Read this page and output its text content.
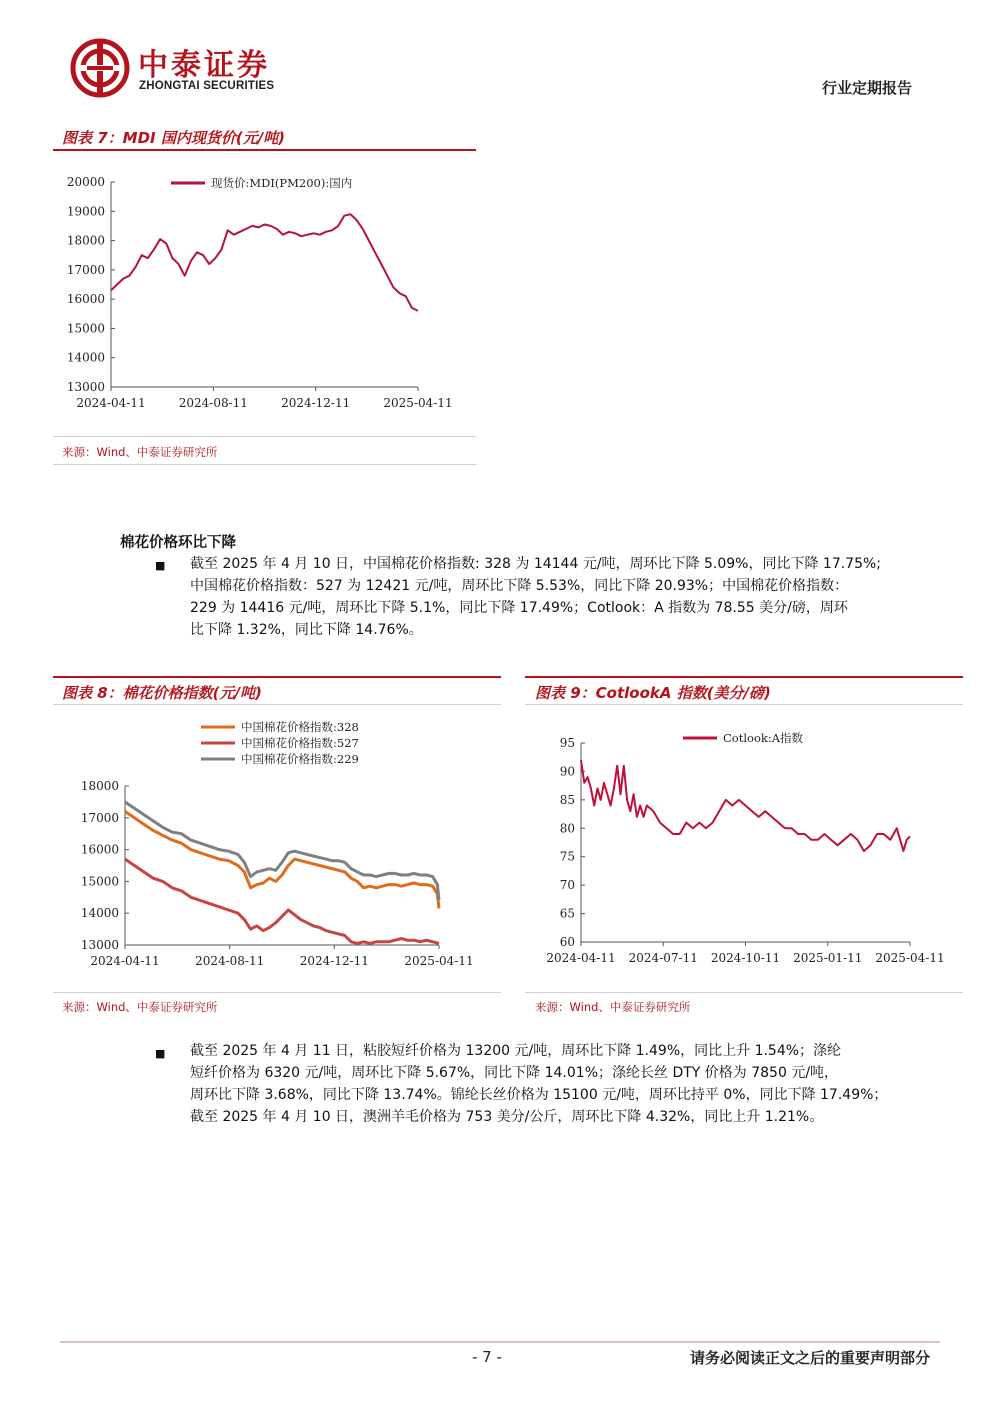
中泰证券
ZHONGTAI SECURITIES	行业定期报告
图表 7：MDI 国内现货价(元/吨)
13000
14000
15000
16000
17000
18000
19000
20000
2024-04-11	2024-08-11	2024-12-11	2025-04-11
现货价:MDI(PM200):国内
来源：Wind、中泰证券研究所
棉花价格环比下降
■ 截至 2025 年 4 月 10 日，中国棉花价格指数: 328 为 14144 元/吨，周环比下降 5.09%，同比下降 17.75%;
中国棉花价格指数：527 为 12421 元/吨，周环比下降 5.53%，同比下降 20.93%；中国棉花价格指数：
229 为 14416 元/吨，周环比下降 5.1%，同比下降 17.49%；Cotlook：A 指数为 78.55 美分/磅，周环
比下降 1.32%，同比下降 14.76%。
图表 8：棉花价格指数(元/吨)
13000
14000
15000
16000
17000
18000
2024-04-11	2024-08-11	2024-12-11	2025-04-11
中国棉花价格指数:328
中国棉花价格指数:527
中国棉花价格指数:229
来源：Wind、中泰证券研究所
图表 9：CotlookA 指数(美分/磅)
60
65
70
75
80
85
90
95
2024-04-11 2024-07-11 2024-10-11 2025-01-11 2025-04-11
Cotlook:A指数
来源：Wind、中泰证券研究所
■ 截至 2025 年 4 月 11 日，粘胶短纤价格为 13200 元/吨，周环比下降 1.49%，同比上升 1.54%；涤纶
短纤价格为 6320 元/吨，周环比下降 5.67%，同比下降 14.01%；涤纶长丝 DTY 价格为 7850 元/吨，
周环比下降 3.68%，同比下降 13.74%。锦纶长丝价格为 15100 元/吨，周环比持平 0%，同比下降 17.49%；
截至 2025 年 4 月 10 日，澳洲羊毛价格为 753 美分/公斤，周环比下降 4.32%，同比上升 1.21%。
- 7 -	请务必阅读正文之后的重要声明部分
